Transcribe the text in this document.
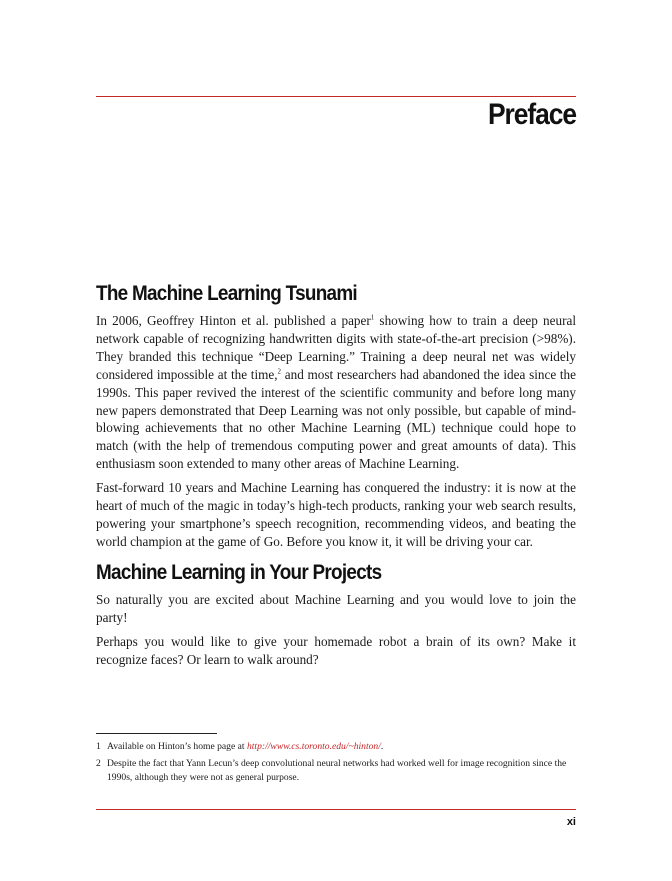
Preface
The Machine Learning Tsunami

In 2006, Geoffrey Hinton et al. published a paper$^1$ showing how to train a deep neural network capable of recognizing handwritten digits with state-of-the-art precision (>98%). They branded this technique “Deep Learning.” Training a deep neural net was widely considered impossible at the time,$^2$ and most researchers had abandoned the idea since the 1990s. This paper revived the interest of the scientific community and before long many new papers demonstrated that Deep Learning was not only possible, but capable of mind-blowing achievements that no other Machine Learning (ML) technique could hope to match (with the help of tremendous computing power and great amounts of data). This enthusiasm soon extended to many other areas of Machine Learning.

Fast-forward 10 years and Machine Learning has conquered the industry: it is now at the heart of much of the magic in today’s high-tech products, ranking your web search results, powering your smartphone’s speech recognition, recommending videos, and beating the world champion at the game of Go. Before you know it, it will be driving your car.

Machine Learning in Your Projects

So naturally you are excited about Machine Learning and you would love to join the party!

Perhaps you would like to give your homemade robot a brain of its own? Make it recognize faces? Or learn to walk around?

1 Available on Hinton’s home page at http://www.cs.toronto.edu/~hinton/.
2 Despite the fact that Yann Lecun’s deep convolutional neural networks had worked well for image recognition since the 1990s, although they were not as general purpose.
xi
